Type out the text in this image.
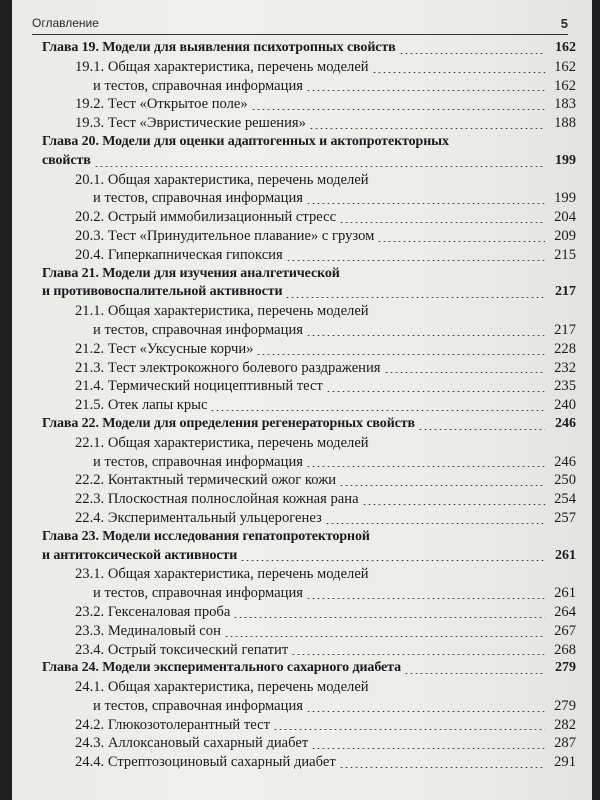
Оглавление	5
Глава 19. Модели для выявления психотропных свойств	162
19.1. Общая характеристика, перечень моделей	162
и тестов, справочная информация	162
19.2. Тест «Открытое поле»	183
19.3. Тест «Эвристические решения»	188
Глава 20. Модели для оценки адаптогенных и актопротекторных
свойств	199
20.1. Общая характеристика, перечень моделей
и тестов, справочная информация	199
20.2. Острый иммобилизационный стресс	204
20.3. Тест «Принудительное плавание» с грузом	209
20.4. Гиперкапническая гипоксия	215
Глава 21. Модели для изучения аналгетической
и противовоспалительной активности	217
21.1. Общая характеристика, перечень моделей
и тестов, справочная информация	217
21.2. Тест «Уксусные корчи»	228
21.3. Тест электрокожного болевого раздражения	232
21.4. Термический ноцицептивный тест	235
21.5. Отек лапы крыс	240
Глава 22. Модели для определения регенераторных свойств	246
22.1. Общая характеристика, перечень моделей
и тестов, справочная информация	246
22.2. Контактный термический ожог кожи	250
22.3. Плоскостная полнослойная кожная рана	254
22.4. Экспериментальный ульцерогенез	257
Глава 23. Модели исследования гепатопротекторной
и антитоксической активности	261
23.1. Общая характеристика, перечень моделей
и тестов, справочная информация	261
23.2. Гексеналовая проба	264
23.3. Мединаловый сон	267
23.4. Острый токсический гепатит	268
Глава 24. Модели экспериментального сахарного диабета	279
24.1. Общая характеристика, перечень моделей
и тестов, справочная информация	279
24.2. Глюкозотолерантный тест	282
24.3. Аллоксановый сахарный диабет	287
24.4. Стрептозоциновый сахарный диабет	291
